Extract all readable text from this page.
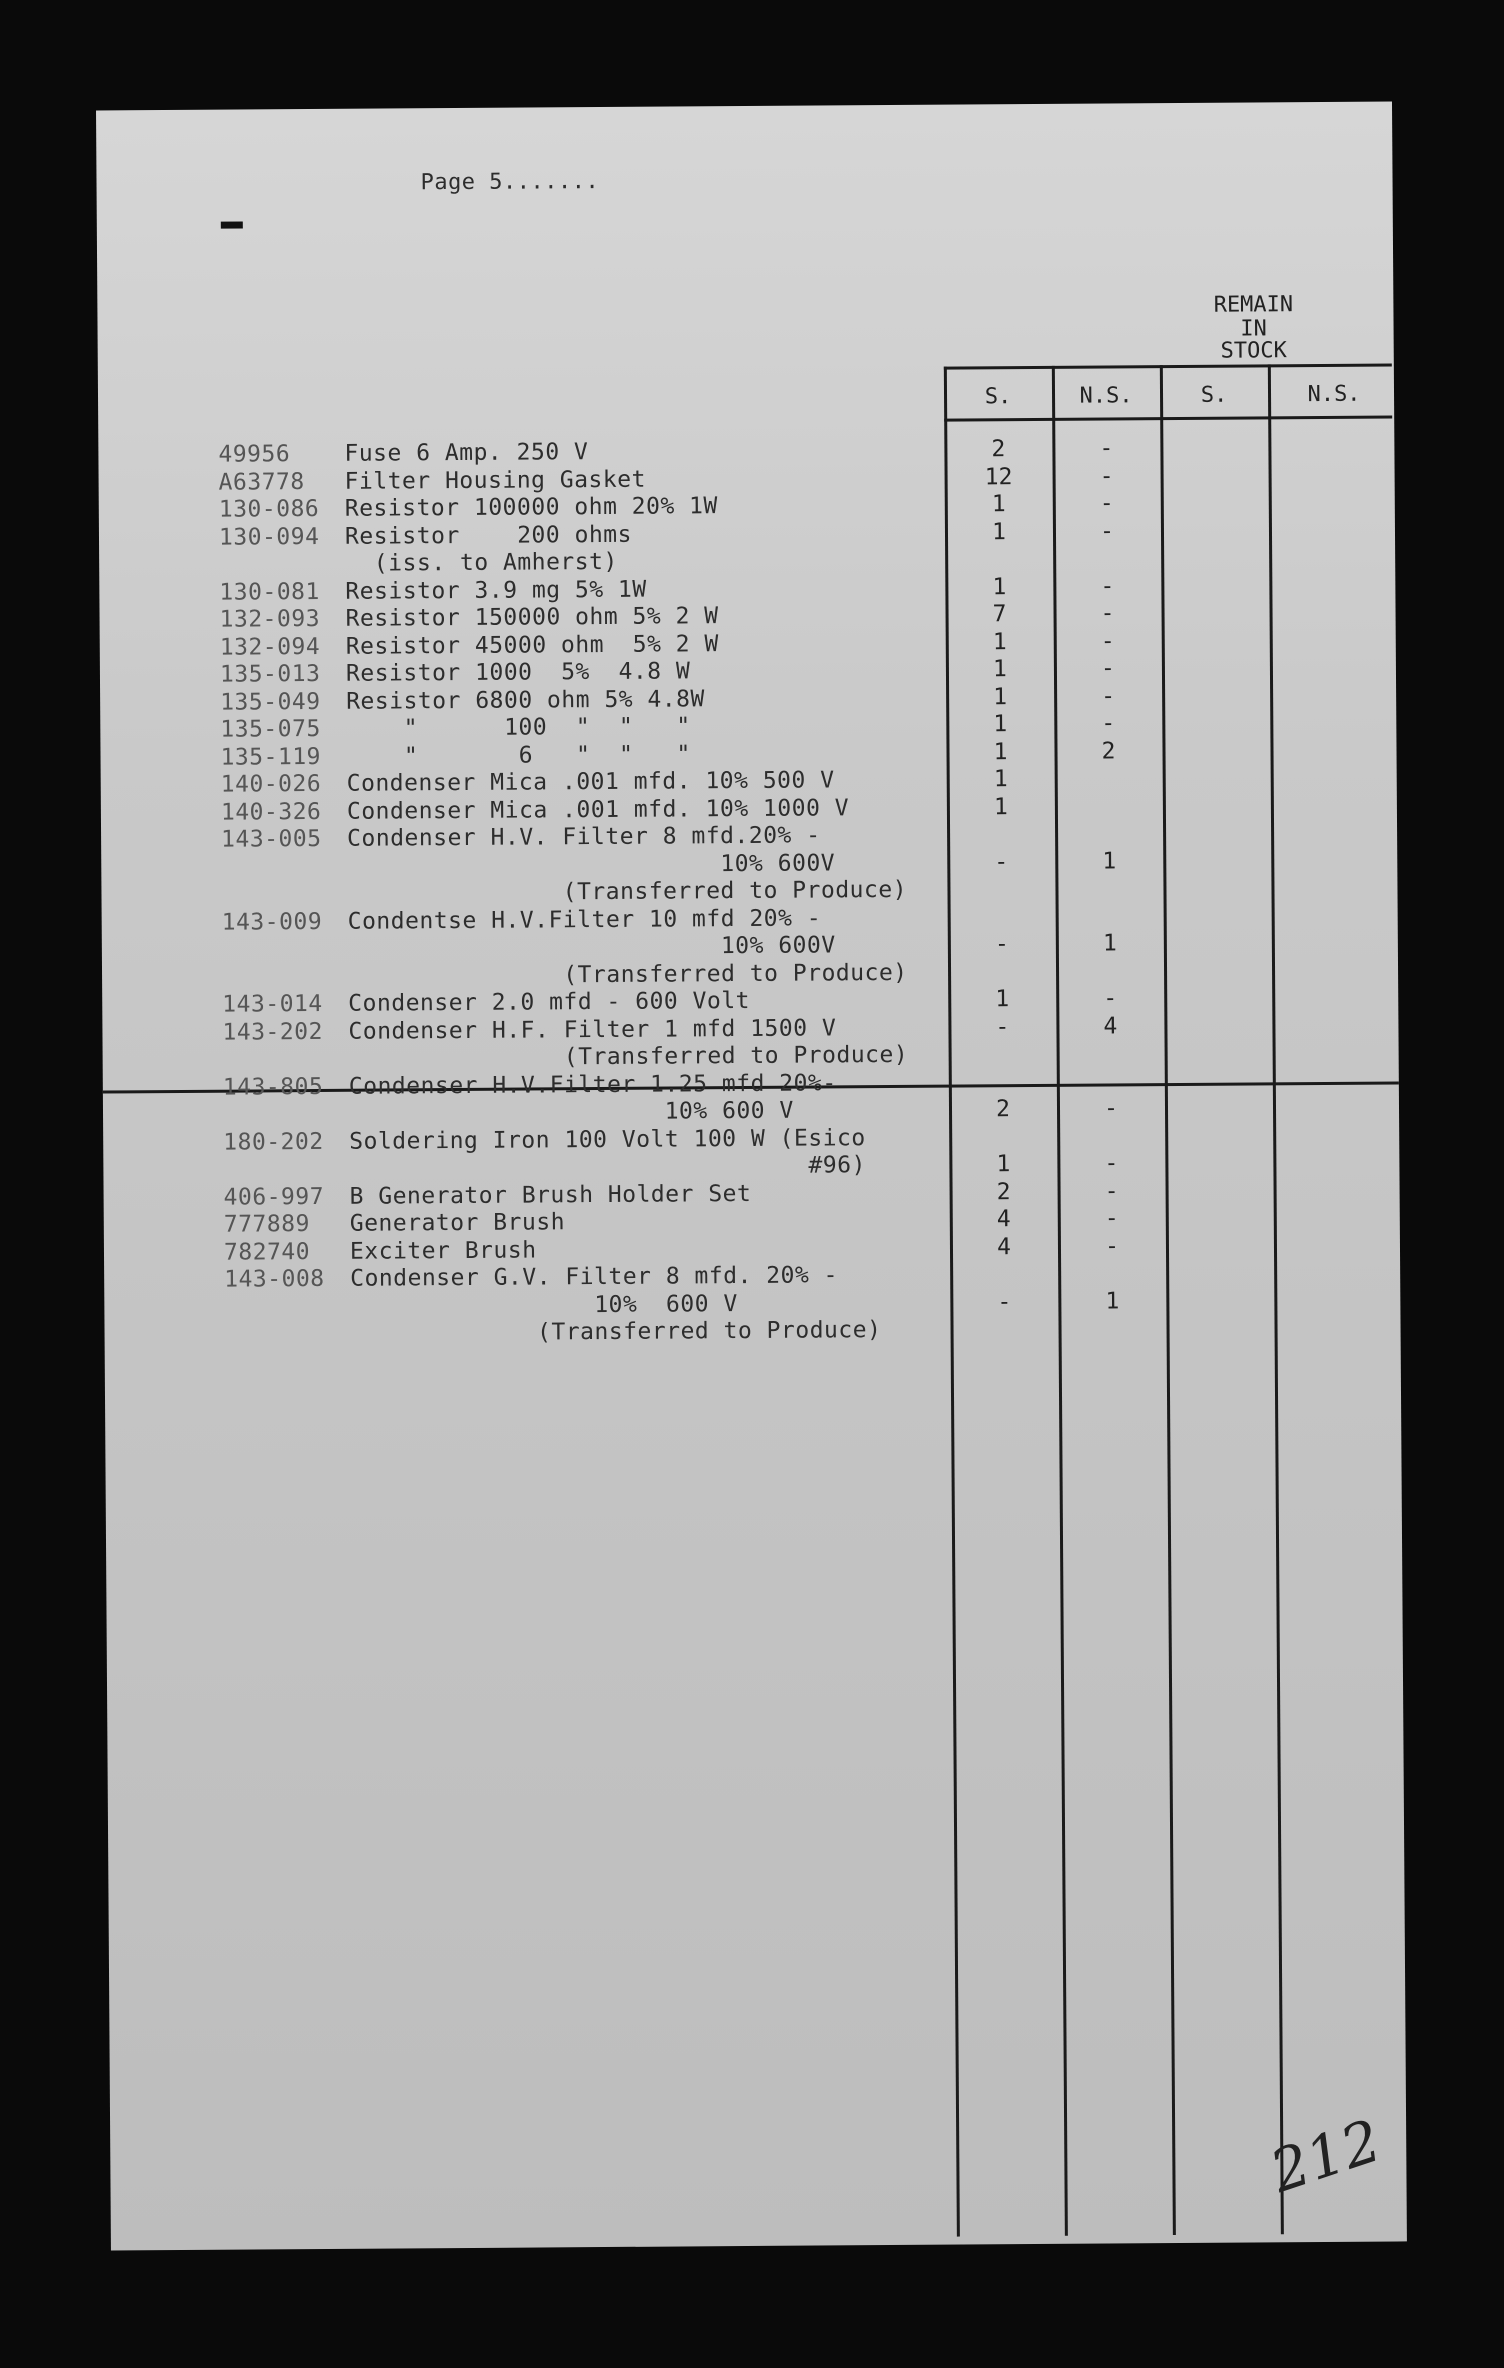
Page 5.......
REMAIN
IN
STOCK
S.	N.S.	S.	N.S.
49956 Fuse 6 Amp. 250 V	2	-
A63778 Filter Housing Gasket	12	-
130-086 Resistor 100000 ohm 20% 1W	1	-
130-094 Resistor    200 ohms	1	-
(iss. to Amherst)
130-081 Resistor 3.9 mg 5% 1W	1	-
132-093 Resistor 150000 ohm 5% 2 W	7	-
132-094 Resistor 45000 ohm  5% 2 W	1	-
135-013 Resistor 1000  5%  4.8 W	1	-
135-049 Resistor 6800 ohm 5% 4.8W	1	-
135-075 "      100  "  "   "	1	-
135-119 "       6   "  "   "	1	2
140-026 Condenser Mica .001 mfd. 10% 500 V	1
140-326 Condenser Mica .001 mfd. 10% 1000 V	1
143-005 Condenser H.V. Filter 8 mfd.20% -
10% 600V	-	1
(Transferred to Produce)
143-009 Condentse H.V.Filter 10 mfd 20% -
10% 600V	-	1
(Transferred to Produce)
143-014 Condenser 2.0 mfd - 600 Volt	1	-
143-202 Condenser H.F. Filter 1 mfd 1500 V	-	4
(Transferred to Produce)
143-805 Condenser H.V.Filter 1.25 mfd 20%-
10% 600 V	2	-
180-202 Soldering Iron 100 Volt 100 W (Esico
#96)	1	-
406-997 B Generator Brush Holder Set	2	-
777889 Generator Brush	4	-
782740 Exciter Brush	4	-
143-008 Condenser G.V. Filter 8 mfd. 20% -
10%  600 V	-	1
(Transferred to Produce)
212
